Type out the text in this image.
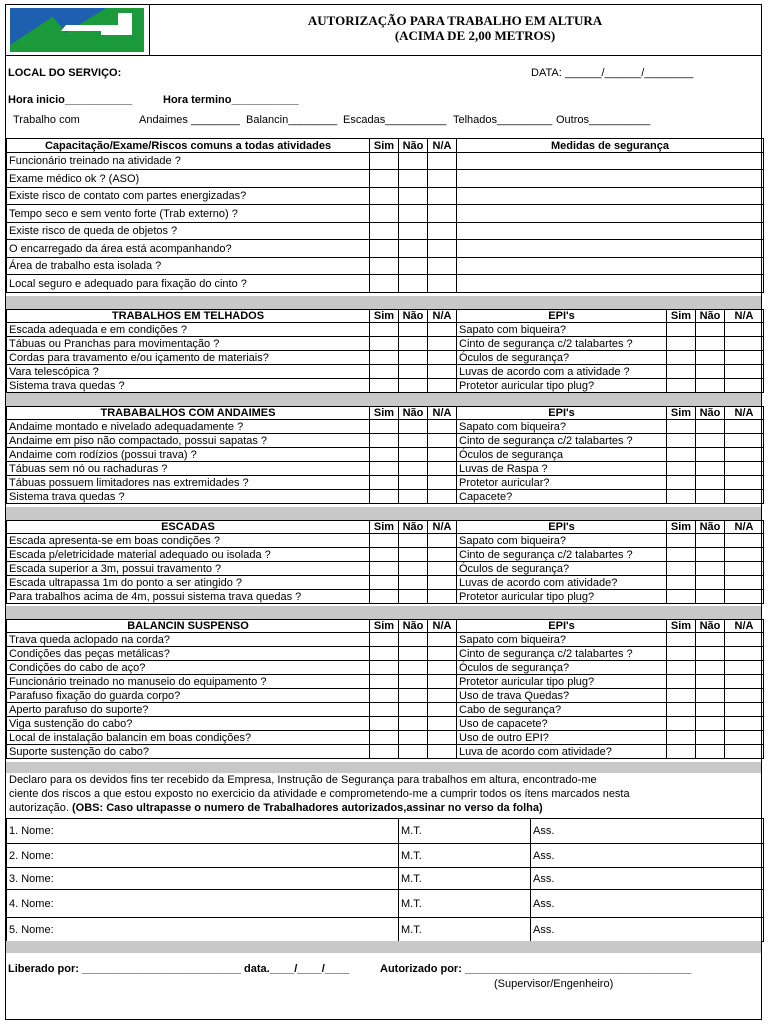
AUTORIZAÇÃO PARA TRABALHO EM ALTURA
(ACIMA DE 2,00 METROS)
LOCAL DO SERVIÇO:	DATA: ______/______/________
Hora inicio___________	Hora termino___________
Trabalho com	Andaimes ________ Balancin________ Escadas__________ Telhados_________ Outros__________
Capacitação/Exame/Riscos comuns a todas atividades	Sim	Não	N/A	Medidas de segurança
Funcionário treinado na atividade ?				
Exame médico ok ? (ASO)				
Existe risco de contato com partes energizadas?				
Tempo seco e sem vento forte (Trab externo) ?				
Existe risco de queda de objetos ?				
O encarregado da área está acompanhando?				
Área de trabalho esta isolada ?				
Local seguro e adequado para fixação do cinto ?				
TRABALHOS EM TELHADOS	Sim	Não	N/A	EPI's	Sim	Não	N/A
Escada adequada e em condições ?				Sapato com biqueira?			
Tábuas ou Pranchas para movimentação ?				Cinto de segurança c/2 talabartes ?			
Cordas para travamento e/ou içamento de materiais?				Óculos de segurança?			
Vara telescópica ?				Luvas de acordo com a atividade ?			
Sistema trava quedas ?				Protetor auricular tipo plug?			
TRABABALHOS COM ANDAIMES	Sim	Não	N/A	EPI's	Sim	Não	N/A
Andaime montado e nivelado adequadamente ?				Sapato com biqueira?			
Andaime em piso não compactado, possui sapatas ?				Cinto de segurança c/2 talabartes ?			
Andaime com rodízios (possui trava) ?				Óculos de segurança			
Tábuas sem nó ou rachaduras ?				Luvas de Raspa ?			
Tábuas possuem limitadores nas extremidades ?				Protetor auricular?			
Sistema trava quedas ?				Capacete?			
ESCADAS	Sim	Não	N/A	EPI's	Sim	Não	N/A
Escada apresenta-se em boas condições ?				Sapato com biqueira?			
Escada p/eletricidade material adequado ou isolada ?				Cinto de segurança c/2 talabartes ?			
Escada superior a 3m, possui travamento ?				Óculos de segurança?			
Escada ultrapassa 1m do ponto a ser atingido ?				Luvas de acordo com atividade?			
Para trabalhos acima de 4m, possui sistema trava quedas ?				Protetor auricular tipo plug?			
BALANCIN SUSPENSO	Sim	Não	N/A	EPI's	Sim	Não	N/A
Trava queda aclopado na corda?				Sapato com biqueira?			
Condições das peças metálicas?				Cinto de segurança c/2 talabartes ?			
Condições do cabo de aço?				Óculos de segurança?			
Funcionário treinado no manuseio do equipamento ?				Protetor auricular tipo plug?			
Parafuso fixação do guarda corpo?				Uso de trava Quedas?			
Aperto parafuso do suporte?				Cabo de segurança?			
Viga sustenção do cabo?				Uso de capacete?			
Local de instalação balancin em boas condições?				Uso de outro EPI?			
Suporte sustenção do cabo?				Luva de acordo com atividade?			
Declaro para os devidos fins ter recebido da Empresa, Instrução de Segurança para trabalhos em altura, encontrado-me
ciente dos riscos a que estou exposto no exercicio da atividade e comprometendo-me a cumprir todos os ítens marcados nesta
autorização. (OBS: Caso ultrapasse o numero de Trabalhadores autorizados,assinar no verso da folha)
1. Nome:	M.T.	Ass.
2. Nome:	M.T.	Ass.
3. Nome:	M.T.	Ass.
4. Nome:	M.T.	Ass.
5. Nome:	M.T.	Ass.
Liberado por: __________________________ data.____/____/____	Autorizado por: _____________________________________
(Supervisor/Engenheiro)
